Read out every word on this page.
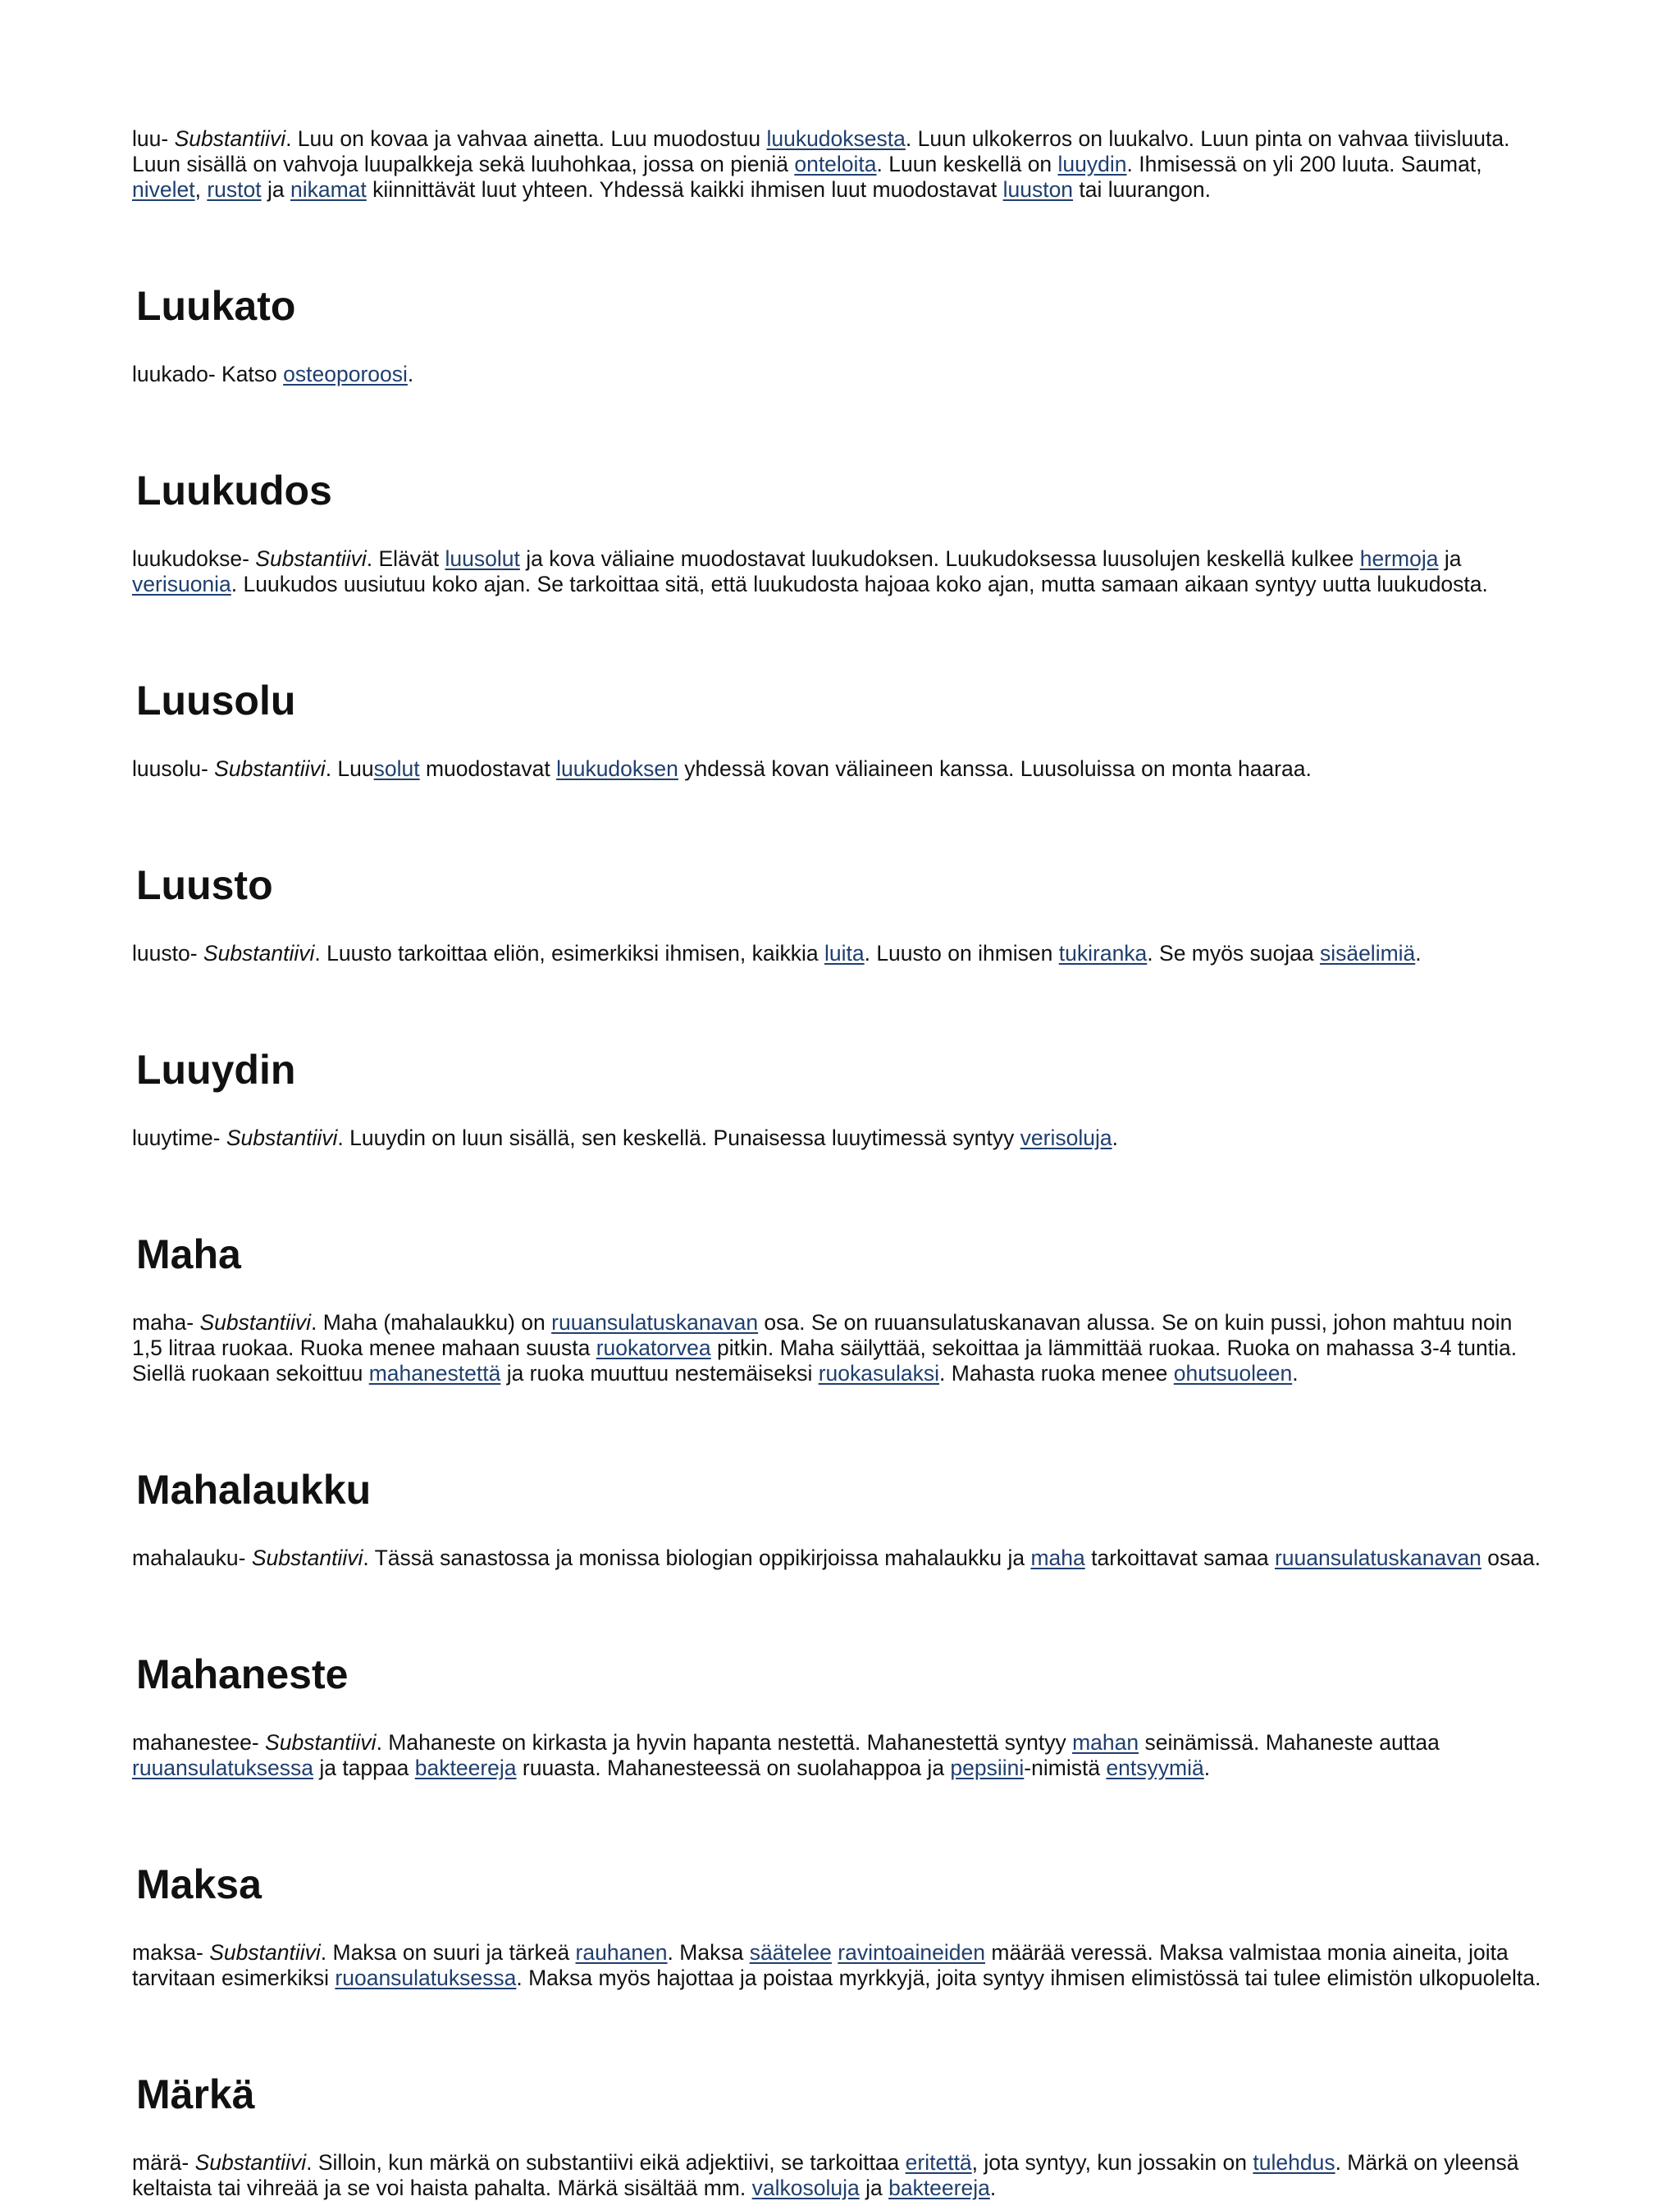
luu- Substantiivi. Luu on kovaa ja vahvaa ainetta. Luu muodostuu luukudoksesta. Luun ulkokerros on luukalvo. Luun pinta on vahvaa tiivisluuta. Luun sisällä on vahvoja luupalkkeja sekä luuhohkaa, jossa on pieniä onteloita. Luun keskellä on luuydin. Ihmisessä on yli 200 luuta. Saumat, nivelet, rustot ja nikamat kiinnittävät luut yhteen. Yhdessä kaikki ihmisen luut muodostavat luuston tai luurangon.

Luukato

luukado- Katso osteoporoosi.

Luukudos

luukudokse- Substantiivi. Elävät luusolut ja kova väliaine muodostavat luukudoksen. Luukudoksessa luusolujen keskellä kulkee hermoja ja verisuonia. Luukudos uusiutuu koko ajan. Se tarkoittaa sitä, että luukudosta hajoaa koko ajan, mutta samaan aikaan syntyy uutta luukudosta.

Luusolu

luusolu- Substantiivi. Luusolut muodostavat luukudoksen yhdessä kovan väliaineen kanssa. Luusoluissa on monta haaraa.

Luusto

luusto- Substantiivi. Luusto tarkoittaa eliön, esimerkiksi ihmisen, kaikkia luita. Luusto on ihmisen tukiranka. Se myös suojaa sisäelimiä.

Luuydin

luuytime- Substantiivi. Luuydin on luun sisällä, sen keskellä. Punaisessa luuytimessä syntyy verisoluja.

Maha

maha- Substantiivi. Maha (mahalaukku) on ruuansulatuskanavan osa. Se on ruuansulatuskanavan alussa. Se on kuin pussi, johon mahtuu noin 1,5 litraa ruokaa. Ruoka menee mahaan suusta ruokatorvea pitkin. Maha säilyttää, sekoittaa ja lämmittää ruokaa. Ruoka on mahassa 3-4 tuntia. Siellä ruokaan sekoittuu mahanestettä ja ruoka muuttuu nestemäiseksi ruokasulaksi. Mahasta ruoka menee ohutsuoleen.

Mahalaukku

mahalauku- Substantiivi. Tässä sanastossa ja monissa biologian oppikirjoissa mahalaukku ja maha tarkoittavat samaa ruuansulatuskanavan osaa.

Mahaneste

mahanestee- Substantiivi. Mahaneste on kirkasta ja hyvin hapanta nestettä. Mahanestettä syntyy mahan seinämissä. Mahaneste auttaa ruuansulatuksessa ja tappaa bakteereja ruuasta. Mahanesteessä on suolahappoa ja pepsiini-nimistä entsyymiä.

Maksa

maksa- Substantiivi. Maksa on suuri ja tärkeä rauhanen. Maksa säätelee ravintoaineiden määrää veressä. Maksa valmistaa monia aineita, joita tarvitaan esimerkiksi ruoansulatuksessa. Maksa myös hajottaa ja poistaa myrkkyjä, joita syntyy ihmisen elimistössä tai tulee elimistön ulkopuolelta.

Märkä

märä- Substantiivi. Silloin, kun märkä on substantiivi eikä adjektiivi, se tarkoittaa eritettä, jota syntyy, kun jossakin on tulehdus. Märkä on yleensä keltaista tai vihreää ja se voi haista pahalta. Märkä sisältää mm. valkosoluja ja bakteereja.
